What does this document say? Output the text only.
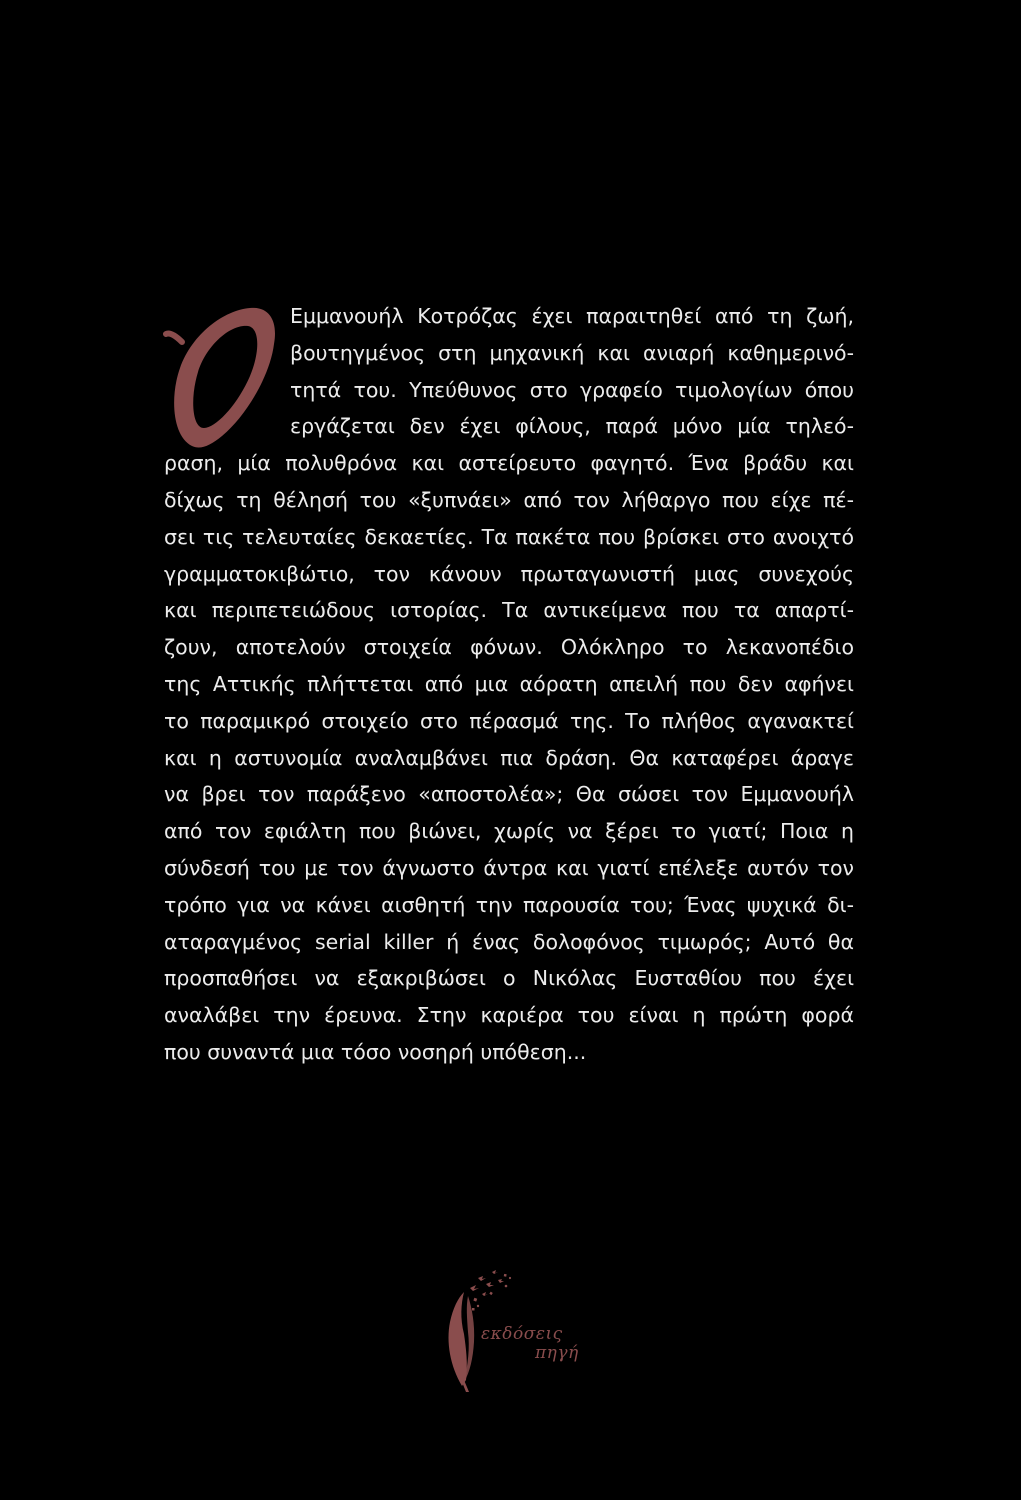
Εμμανουήλ Κοτρόζας έχει παραιτηθεί από τη ζωή,
βουτηγμένος στη μηχανική και ανιαρή καθημερινό-
τητά του. Υπεύθυνος στο γραφείο τιμολογίων όπου
εργάζεται δεν έχει φίλους, παρά μόνο μία τηλεό-
ραση, μία πολυθρόνα και αστείρευτο φαγητό. Ένα βράδυ και
δίχως τη θέλησή του «ξυπνάει» από τον λήθαργο που είχε πέ-
σει τις τελευταίες δεκαετίες. Τα πακέτα που βρίσκει στο ανοιχτό
γραμματοκιβώτιο, τον κάνουν πρωταγωνιστή μιας συνεχούς
και περιπετειώδους ιστορίας. Τα αντικείμενα που τα απαρτί-
ζουν, αποτελούν στοιχεία φόνων. Ολόκληρο το λεκανοπέδιο
της Αττικής πλήττεται από μια αόρατη απειλή που δεν αφήνει
το παραμικρό στοιχείο στο πέρασμά της. Το πλήθος αγανακτεί
και η αστυνομία αναλαμβάνει πια δράση. Θα καταφέρει άραγε
να βρει τον παράξενο «αποστολέα»; Θα σώσει τον Εμμανουήλ
από τον εφιάλτη που βιώνει, χωρίς να ξέρει το γιατί; Ποια η
σύνδεσή του με τον άγνωστο άντρα και γιατί επέλεξε αυτόν τον
τρόπο για να κάνει αισθητή την παρουσία του; Ένας ψυχικά δι-
αταραγμένος serial killer ή ένας δολοφόνος τιμωρός; Αυτό θα
προσπαθήσει να εξακριβώσει ο Νικόλας Ευσταθίου που έχει
αναλάβει την έρευνα. Στην καριέρα του είναι η πρώτη φορά
που συναντά μια τόσο νοσηρή υπόθεση...
εκδόσεις
πηγή
